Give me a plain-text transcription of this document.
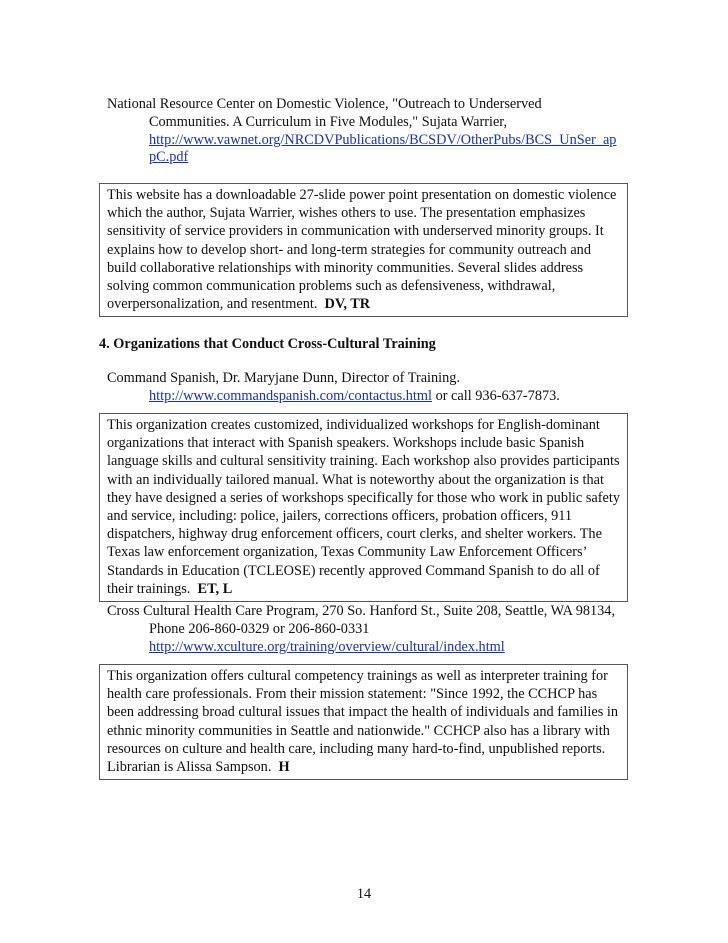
National Resource Center on Domestic Violence, "Outreach to Underserved
Communities. A Curriculum in Five Modules," Sujata Warrier,
http://www.vawnet.org/NRCDVPublications/BCSDV/OtherPubs/BCS_UnSer_ap pC.pdf
This website has a downloadable 27-slide power point presentation on domestic violence which the author, Sujata Warrier, wishes others to use. The presentation emphasizes sensitivity of service providers in communication with underserved minority groups. It explains how to develop short- and long-term strategies for community outreach and build collaborative relationships with minority communities. Several slides address solving common communication problems such as defensiveness, withdrawal, overpersonalization, and resentment.  DV, TR
4. Organizations that Conduct Cross-Cultural Training
Command Spanish, Dr. Maryjane Dunn, Director of Training.
http://www.commandspanish.com/contactus.html or call 936-637-7873.
This organization creates customized, individualized workshops for English-dominant organizations that interact with Spanish speakers. Workshops include basic Spanish language skills and cultural sensitivity training. Each workshop also provides participants with an individually tailored manual. What is noteworthy about the organization is that they have designed a series of workshops specifically for those who work in public safety and service, including: police, jailers, corrections officers, probation officers, 911 dispatchers, highway drug enforcement officers, court clerks, and shelter workers. The Texas law enforcement organization, Texas Community Law Enforcement Officers’ Standards in Education (TCLEOSE) recently approved Command Spanish to do all of their trainings.  ET, L
Cross Cultural Health Care Program, 270 So. Hanford St., Suite 208, Seattle, WA 98134,
Phone 206-860-0329 or 206-860-0331
http://www.xculture.org/training/overview/cultural/index.html
This organization offers cultural competency trainings as well as interpreter training for health care professionals. From their mission statement: "Since 1992, the CCHCP has been addressing broad cultural issues that impact the health of individuals and families in ethnic minority communities in Seattle and nationwide." CCHCP also has a library with resources on culture and health care, including many hard-to-find, unpublished reports. Librarian is Alissa Sampson.  H
14
